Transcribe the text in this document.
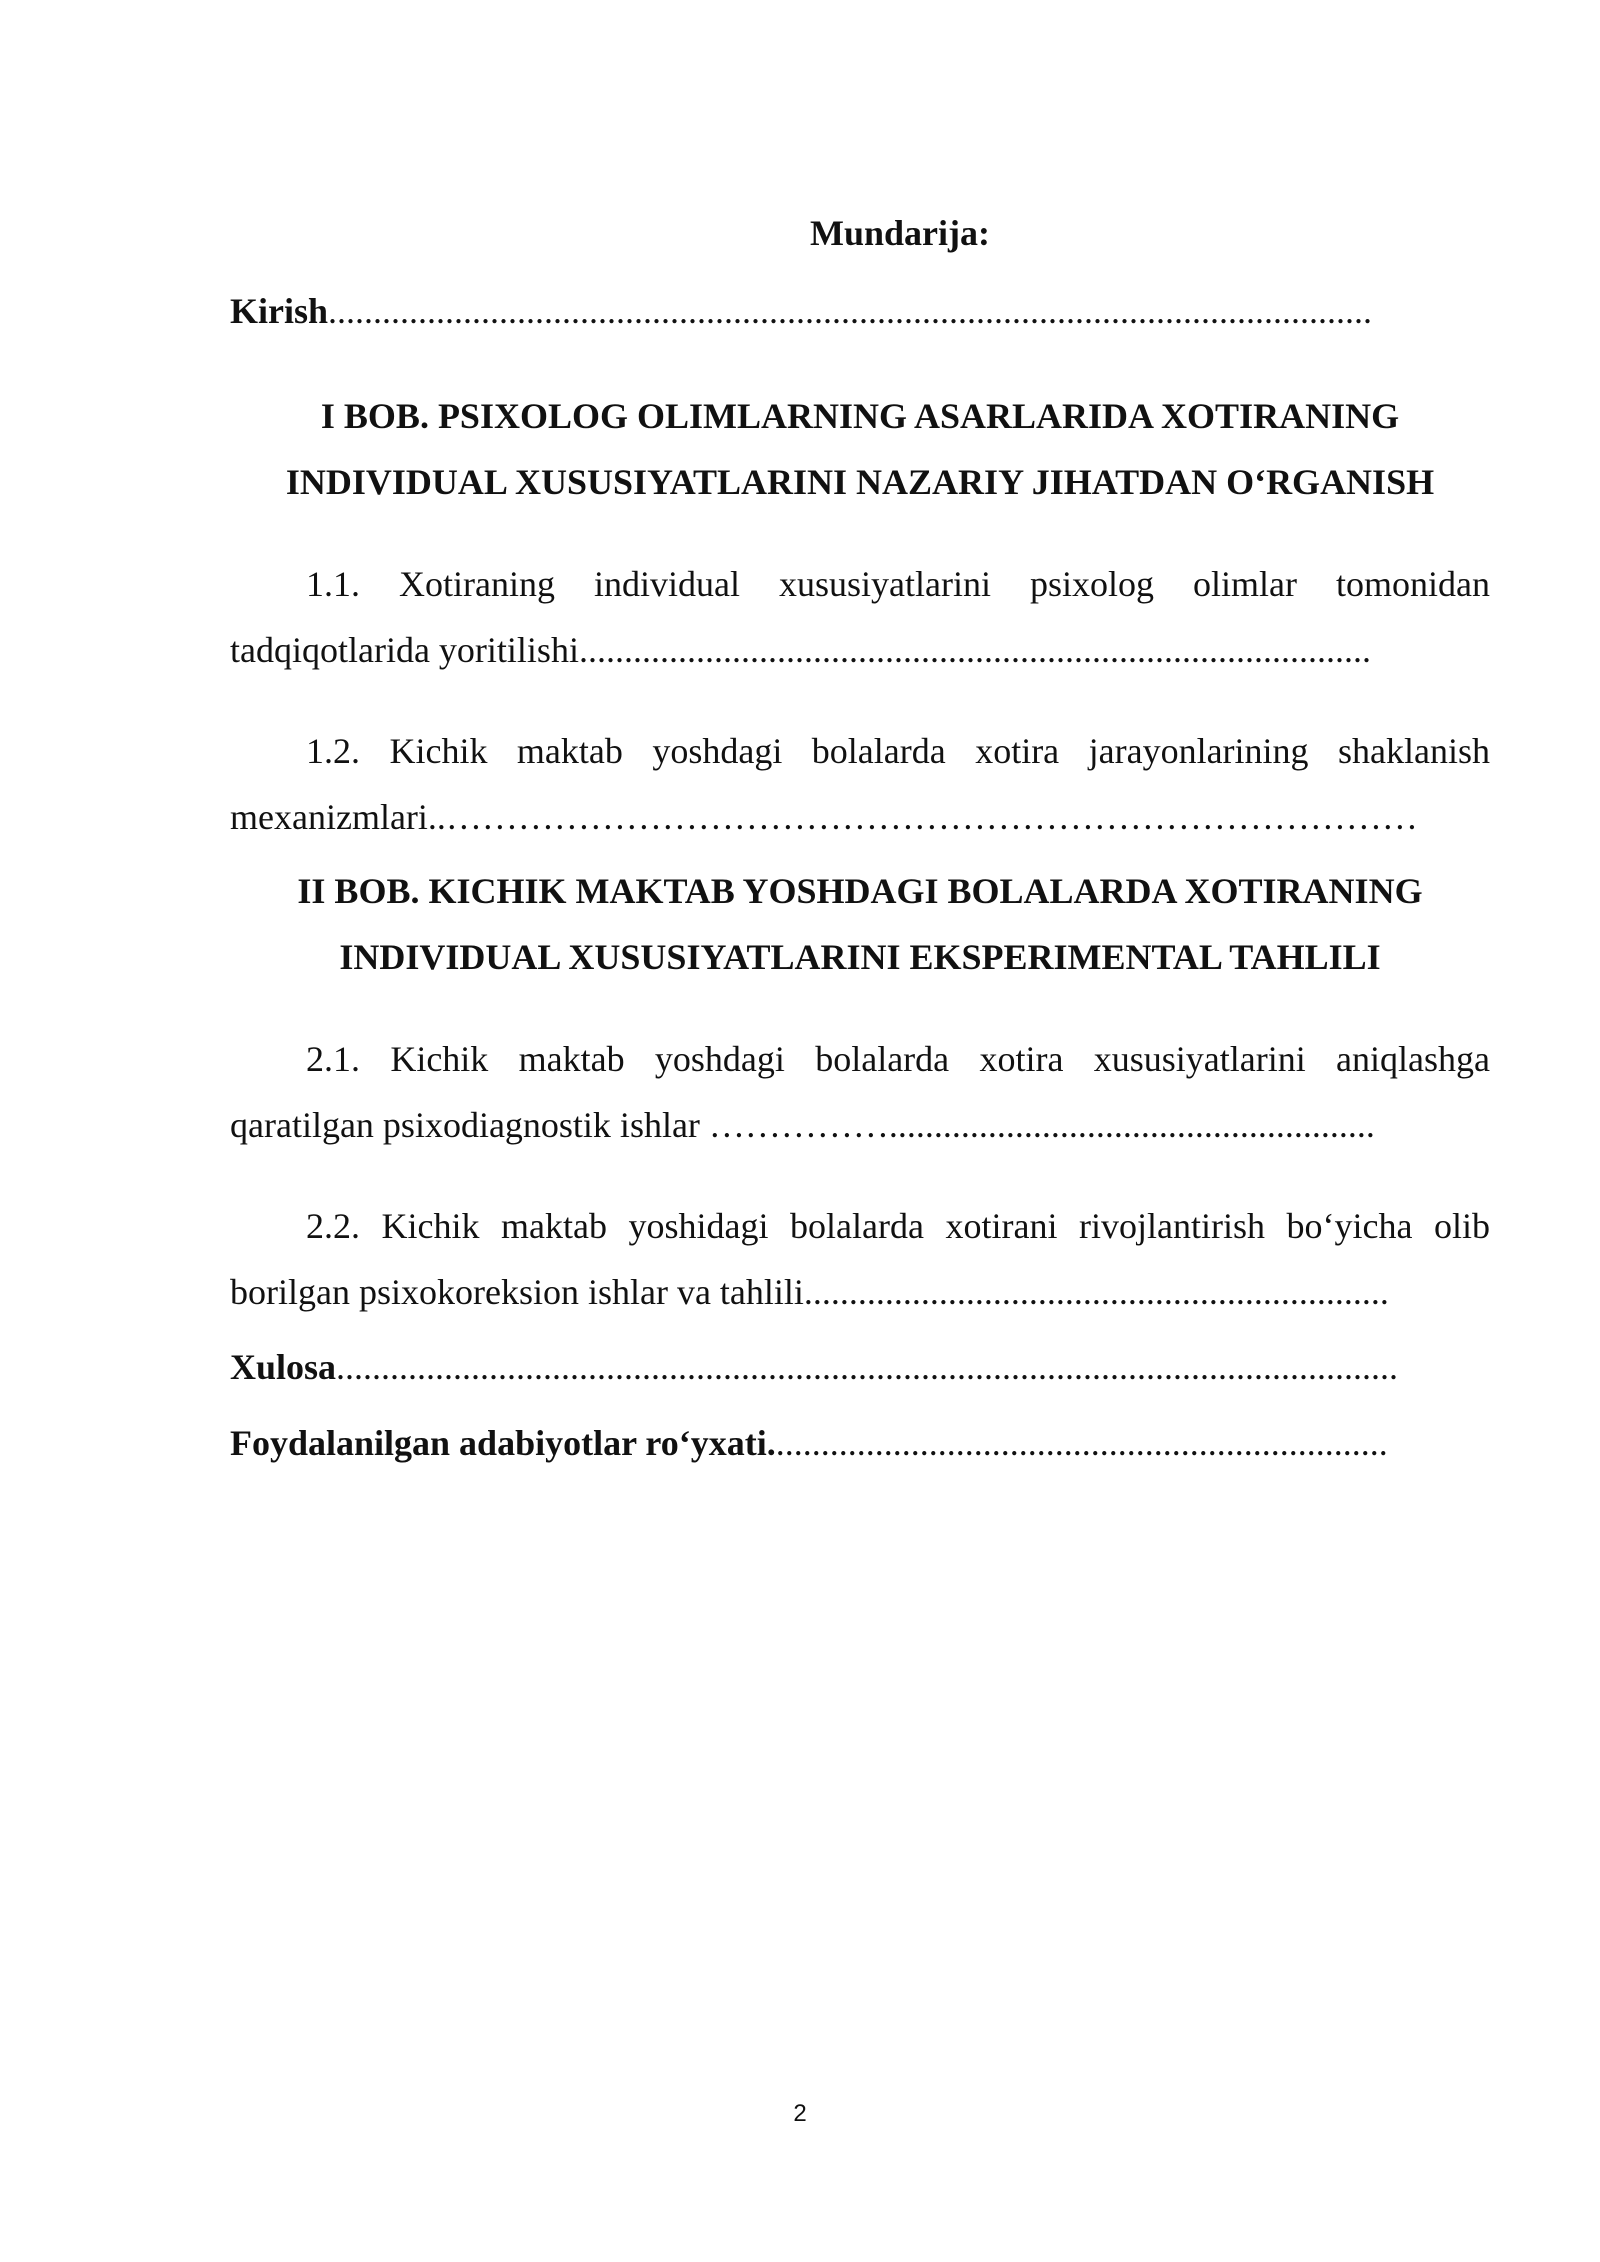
Mundarija:
Kirish....................................................................................................................
I BOB. PSIXOLOG OLIMLARNING ASARLARIDA XOTIRANING
INDIVIDUAL XUSUSIYATLARINI NAZARIY JIHATDAN O‘RGANISH
1.1. Xotiraning individual xususiyatlarini psixolog olimlar tomonidan
tadqiqotlarida yoritilishi........................................................................................
1.2. Kichik maktab yoshdagi bolalarda xotira jarayonlarining shaklanish
mexanizmlari..………………………………………………………………………
II BOB. KICHIK MAKTAB YOSHDAGI BOLALARDA XOTIRANING
INDIVIDUAL XUSUSIYATLARINI EKSPERIMENTAL TAHLILI
2.1. Kichik maktab yoshdagi bolalarda xotira xususiyatlarini aniqlashga
qaratilgan psixodiagnostik ishlar ……………......................................................
2.2. Kichik maktab yoshidagi bolalarda xotirani rivojlantirish bo‘yicha olib
borilgan psixokoreksion ishlar va tahlili.................................................................
Xulosa......................................................................................................................
Foydalanilgan adabiyotlar ro‘yxati.....................................................................
2
